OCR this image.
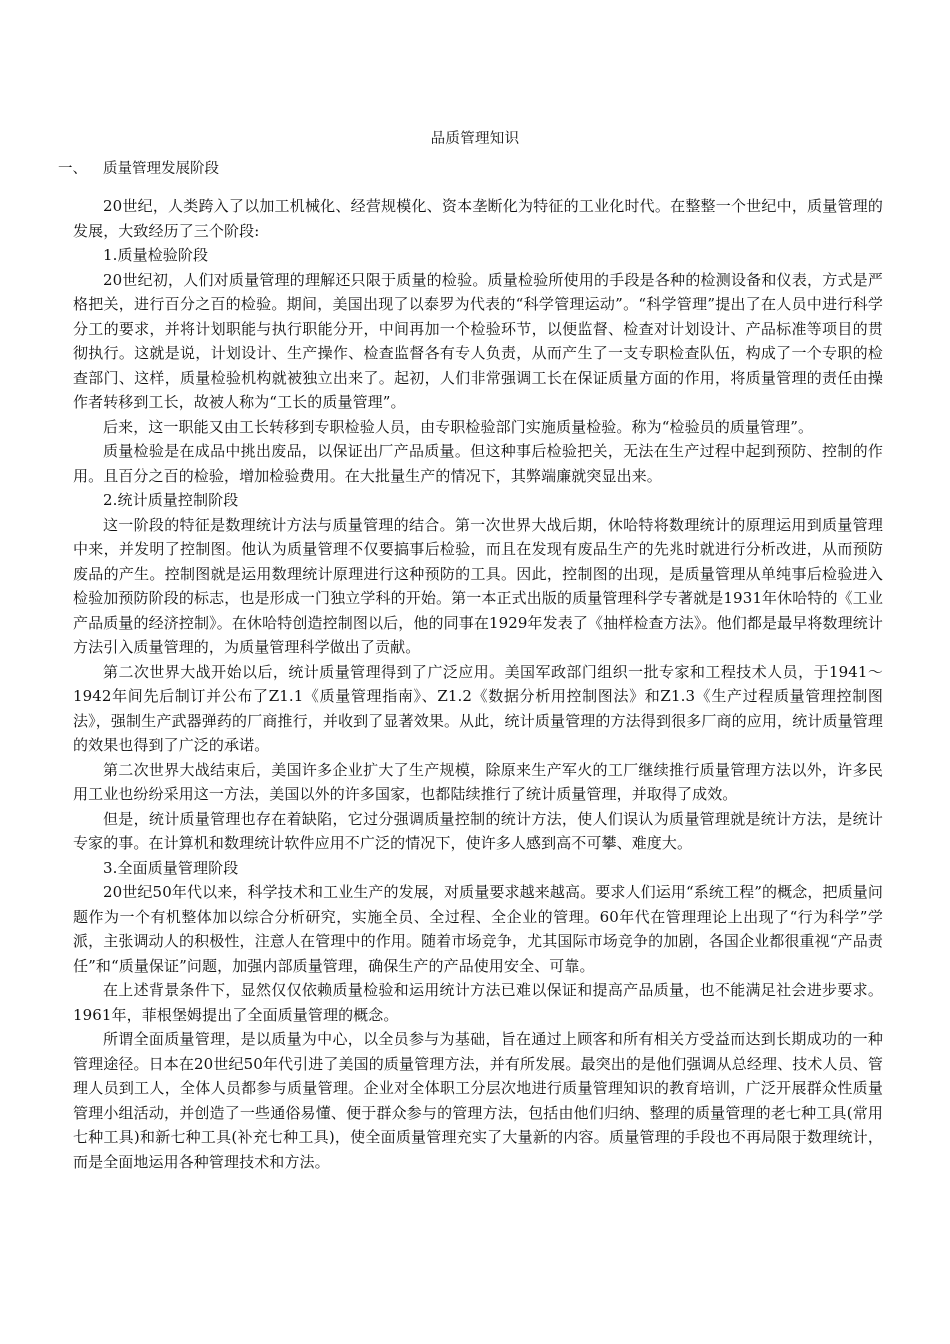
品质管理知识
一、 质量管理发展阶段

20世纪，人类跨入了以加工机械化、经营规模化、资本垄断化为特征的工业化时代。在整整一个世纪中，质量管理的发展，大致经历了三个阶段:

1.质量检验阶段

20世纪初，人们对质量管理的理解还只限于质量的检验。质量检验所使用的手段是各种的检测设备和仪表，方式是严格把关，进行百分之百的检验。期间，美国出现了以泰罗为代表的“科学管理运动”。“科学管理”提出了在人员中进行科学分工的要求，并将计划职能与执行职能分开，中间再加一个检验环节，以便监督、检查对计划设计、产品标准等项目的贯彻执行。这就是说，计划设计、生产操作、检查监督各有专人负责，从而产生了一支专职检查队伍，构成了一个专职的检查部门、这样，质量检验机构就被独立出来了。起初，人们非常强调工长在保证质量方面的作用，将质量管理的责任由操作者转移到工长，故被人称为“工长的质量管理”。

后来，这一职能又由工长转移到专职检验人员，由专职检验部门实施质量检验。称为“检验员的质量管理”。

质量检验是在成品中挑出废品，以保证出厂产品质量。但这种事后检验把关，无法在生产过程中起到预防、控制的作用。且百分之百的检验，增加检验费用。在大批量生产的情况下，其弊端廉就突显出来。

2.统计质量控制阶段

这一阶段的特征是数理统计方法与质量管理的结合。第一次世界大战后期，休哈特将数理统计的原理运用到质量管理中来，并发明了控制图。他认为质量管理不仅要搞事后检验，而且在发现有废品生产的先兆时就进行分析改进，从而预防废品的产生。控制图就是运用数理统计原理进行这种预防的工具。因此，控制图的出现，是质量管理从单纯事后检验进入检验加预防阶段的标志，也是形成一门独立学科的开始。第一本正式出版的质量管理科学专著就是1931年休哈特的《工业产品质量的经济控制》。在休哈特创造控制图以后，他的同事在1929年发表了《抽样检查方法》。他们都是最早将数理统计方法引入质量管理的，为质量管理科学做出了贡献。

第二次世界大战开始以后，统计质量管理得到了广泛应用。美国军政部门组织一批专家和工程技术人员，于1941～1942年间先后制订并公布了Z1.1《质量管理指南》、Z1.2《数据分析用控制图法》和Z1.3《生产过程质量管理控制图法》，强制生产武器弹药的厂商推行，并收到了显著效果。从此，统计质量管理的方法得到很多厂商的应用，统计质量管理的效果也得到了广泛的承诺。

第二次世界大战结束后，美国许多企业扩大了生产规模，除原来生产军火的工厂继续推行质量管理方法以外，许多民用工业也纷纷采用这一方法，美国以外的许多国家，也都陆续推行了统计质量管理，并取得了成效。

但是，统计质量管理也存在着缺陷，它过分强调质量控制的统计方法，使人们误认为质量管理就是统计方法，是统计专家的事。在计算机和数理统计软件应用不广泛的情况下，使许多人感到高不可攀、难度大。

3.全面质量管理阶段

20世纪50年代以来，科学技术和工业生产的发展，对质量要求越来越高。要求人们运用“系统工程”的概念，把质量问题作为一个有机整体加以综合分析研究，实施全员、全过程、全企业的管理。60年代在管理理论上出现了“行为科学”学派，主张调动人的积极性，注意人在管理中的作用。随着市场竞争，尤其国际市场竞争的加剧，各国企业都很重视“产品责任”和“质量保证”问题，加强内部质量管理，确保生产的产品使用安全、可靠。

在上述背景条件下，显然仅仅依赖质量检验和运用统计方法已难以保证和提高产品质量，也不能满足社会进步要求。1961年，菲根堡姆提出了全面质量管理的概念。

所谓全面质量管理，是以质量为中心，以全员参与为基础，旨在通过上顾客和所有相关方受益而达到长期成功的一种管理途径。日本在20世纪50年代引进了美国的质量管理方法，并有所发展。最突出的是他们强调从总经理、技术人员、管理人员到工人，全体人员都参与质量管理。企业对全体职工分层次地进行质量管理知识的教育培训，广泛开展群众性质量管理小组活动，并创造了一些通俗易懂、便于群众参与的管理方法，包括由他们归纳、整理的质量管理的老七种工具(常用七种工具)和新七种工具(补充七种工具)，使全面质量管理充实了大量新的内容。质量管理的手段也不再局限于数理统计，而是全面地运用各种管理技术和方法。
